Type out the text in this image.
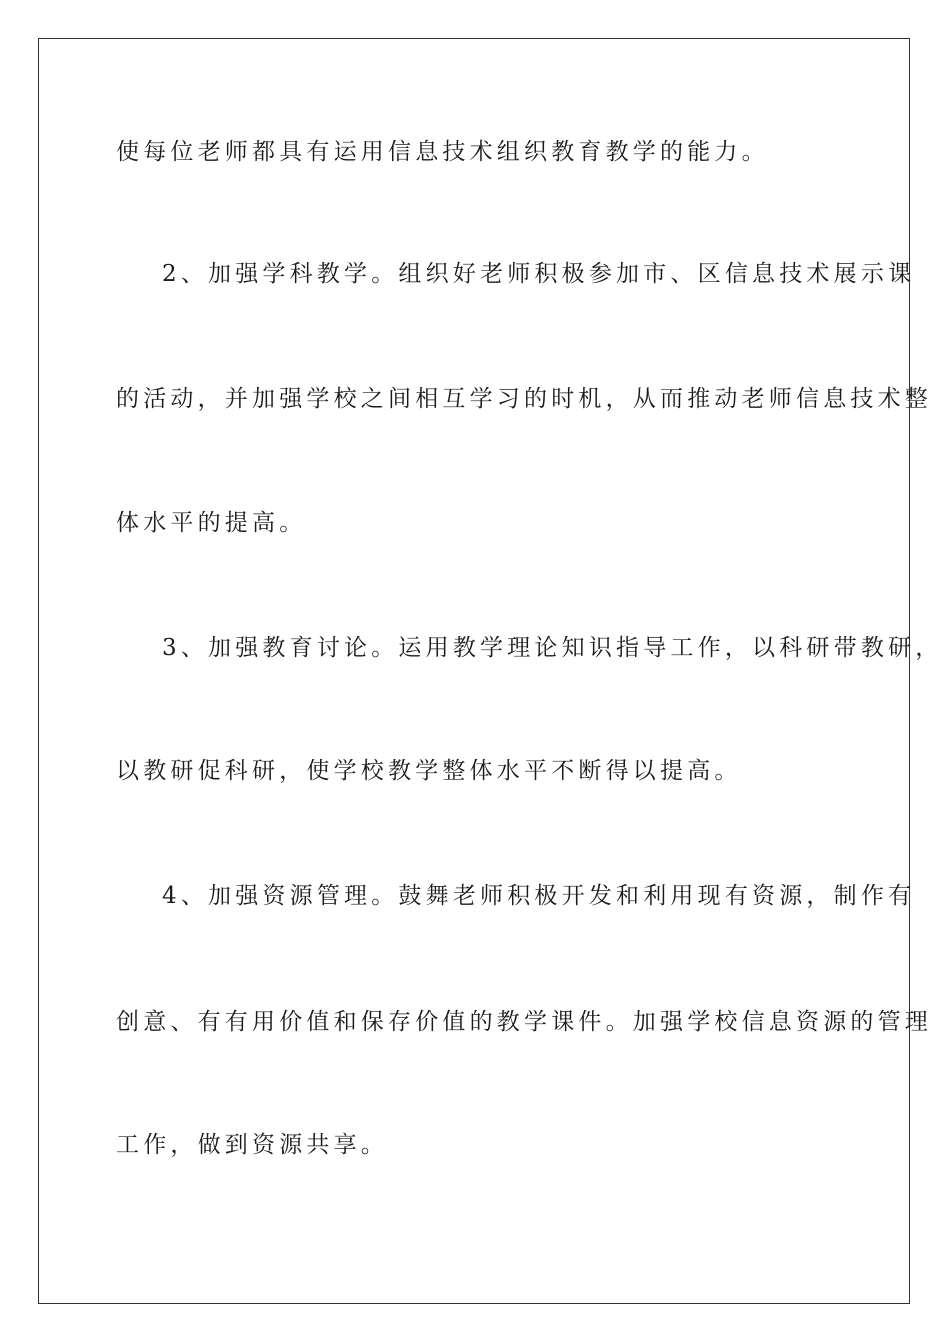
使每位老师都具有运用信息技术组织教育教学的能力。
2、加强学科教学。组织好老师积极参加市、区信息技术展示课
的活动，并加强学校之间相互学习的时机，从而推动老师信息技术整
体水平的提高。
3、加强教育讨论。运用教学理论知识指导工作，以科研带教研，
以教研促科研，使学校教学整体水平不断得以提高。
4、加强资源管理。鼓舞老师积极开发和利用现有资源，制作有
创意、有有用价值和保存价值的教学课件。加强学校信息资源的管理
工作，做到资源共享。
